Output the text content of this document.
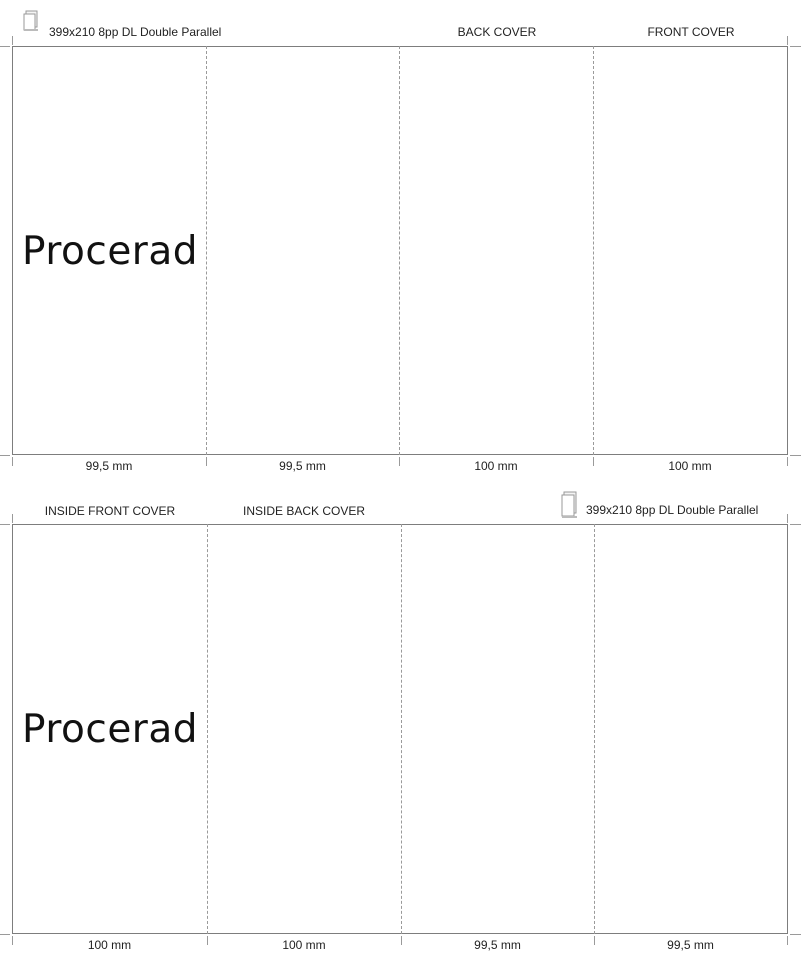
399x210 8pp DL Double Parallel	BACK COVER	FRONT COVER
Procerad
99,5 mm	99,5 mm	100 mm	100 mm
INSIDE FRONT COVER	INSIDE BACK COVER	399x210 8pp DL Double Parallel
Procerad
100 mm	100 mm	99,5 mm	99,5 mm
